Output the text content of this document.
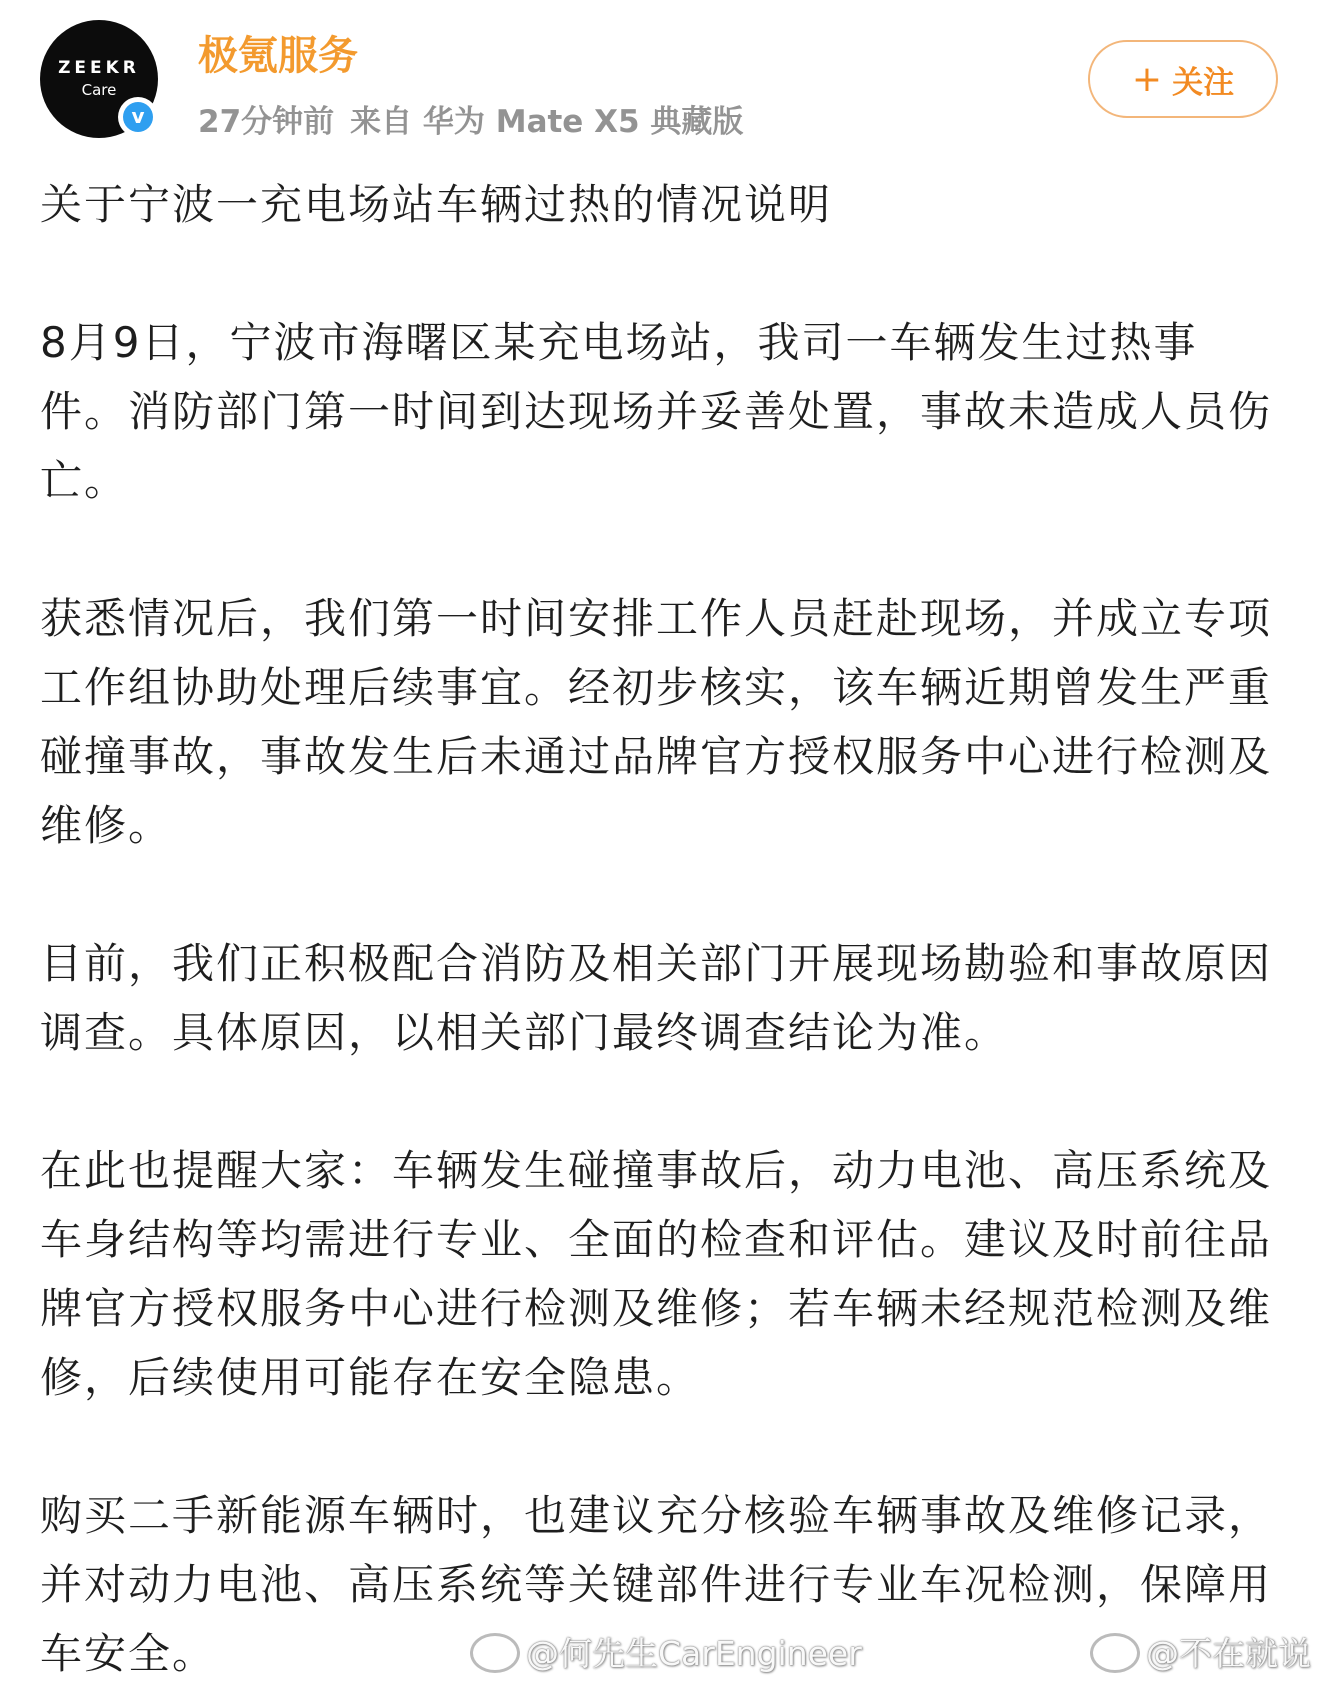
ZEEKR
Care
v
极氪服务
27分钟前 来自 华为 Mate X5 典藏版
+ 关注
关于宁波一充电场站车辆过热的情况说明

8月9日，宁波市海曙区某充电场站，我司一车辆发生过热事件。消防部门第一时间到达现场并妥善处置，事故未造成人员伤亡。

获悉情况后，我们第一时间安排工作人员赶赴现场，并成立专项工作组协助处理后续事宜。经初步核实，该车辆近期曾发生严重碰撞事故，事故发生后未通过品牌官方授权服务中心进行检测及维修。

目前，我们正积极配合消防及相关部门开展现场勘验和事故原因调查。具体原因，以相关部门最终调查结论为准。

在此也提醒大家：车辆发生碰撞事故后，动力电池、高压系统及车身结构等均需进行专业、全面的检查和评估。建议及时前往品牌官方授权服务中心进行检测及维修；若车辆未经规范检测及维修，后续使用可能存在安全隐患。

购买二手新能源车辆时，也建议充分核验车辆事故及维修记录，并对动力电池、高压系统等关键部件进行专业车况检测，保障用车安全。	@何先生CarEngineer	@不在就说
